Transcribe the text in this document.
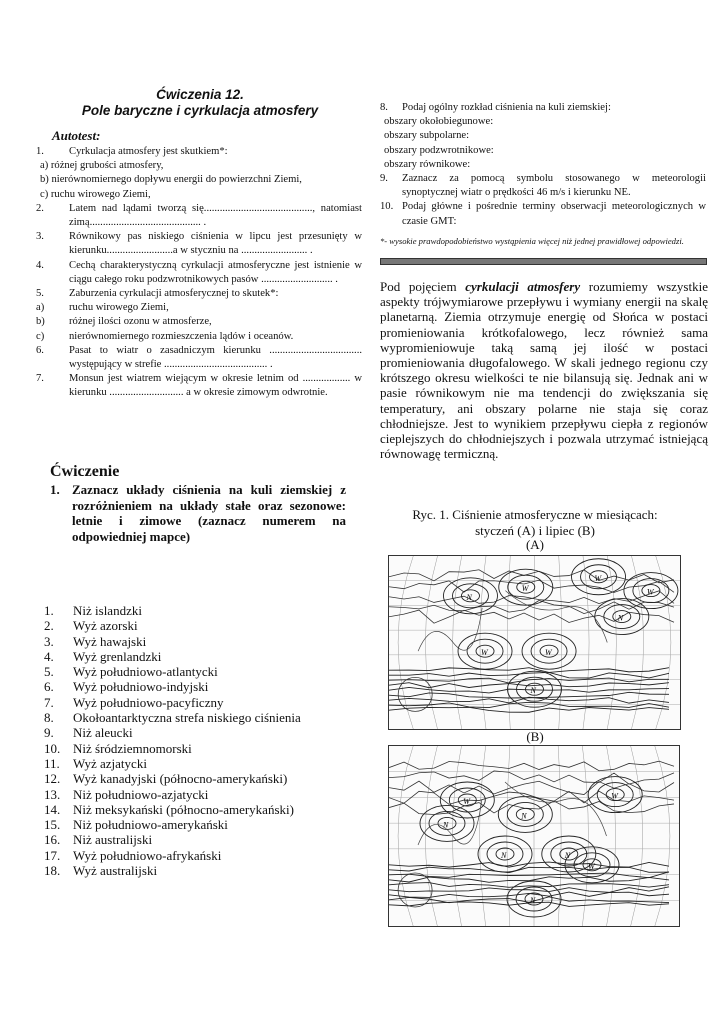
Ćwiczenia 12.
Pole baryczne i cyrkulacja atmosfery
Autotest:
1.	Cyrkulacja atmosfery jest skutkiem*:
a) różnej grubości atmosfery,
b) nierównomiernego dopływu energii do powierzchni Ziemi,
c) ruchu wirowego Ziemi,
2.	Latem nad lądami tworzą się........................................., natomiast zimą.......................................... .
3.	Równikowy pas niskiego ciśnienia w lipcu jest przesunięty w kierunku.........................a w styczniu na ......................... .
4.	Cechą charakterystyczną cyrkulacji atmosferyczne jest istnienie w ciągu całego roku podzwrotnikowych pasów ........................... .
5.	Zaburzenia cyrkulacji atmosferycznej to skutek*:
a)	ruchu wirowego Ziemi,
b)	różnej ilości ozonu w atmosferze,
c)	nierównomiernego rozmieszczenia lądów i oceanów.
6.	Pasat to wiatr o zasadniczym kierunku ................................... występujący w strefie ....................................... .
7.	Monsun jest wiatrem wiejącym w okresie letnim od .................. w kierunku ............................ a w okresie zimowym odwrotnie.
8.	Podaj ogólny rozkład ciśnienia na kuli ziemskiej:
obszary okołobiegunowe:
obszary subpolarne:
obszary podzwrotnikowe:
obszary równikowe:
9.	Zaznacz za pomocą symbolu stosowanego w meteorologii synoptycznej wiatr o prędkości 46 m/s i kierunku NE.
10. Podaj główne i pośrednie terminy obserwacji meteorologicznych w czasie GMT:
*- wysokie prawdopodobieństwo wystąpienia więcej niż jednej prawidłowej odpowiedzi.
Pod pojęciem cyrkulacji atmosfery rozumiemy wszystkie aspekty trójwymiarowe przepływu i wymiany energii na skalę planetarną. Ziemia otrzymuje energię od Słońca w postaci promieniowania krótkofalowego, lecz również sama wypromieniowuje taką samą jej ilość w postaci promieniowania długofalowego. W skali jednego regionu czy krótszego okresu wielkości te nie bilansują się. Jednak ani w pasie równikowym nie ma tendencji do zwiększania się temperatury, ani obszary polarne nie staja się coraz chłodniejsze. Jest to wynikiem przepływu ciepła z regionów cieplejszych do chłodniejszych i pozwala utrzymać istniejącą równowagę termiczną.
Ćwiczenie
1. Zaznacz układy ciśnienia na kuli ziemskiej z rozróżnieniem na układy stałe oraz sezonowe: letnie i zimowe (zaznacz numerem na odpowiedniej mapce)
1.	Niż islandzki
2.	Wyż azorski
3.	Wyż hawajski
4.	Wyż grenlandzki
5.	Wyż południowo-atlantycki
6.	Wyż południowo-indyjski
7.	Wyż południowo-pacyficzny
8.	Okołoantarktyczna strefa niskiego ciśnienia
9.	Niż aleucki
10. Niż śródziemnomorski
11.	Wyż azjatycki
12. Wyż kanadyjski (północno-amerykański)
13. Niż południowo-azjatycki
14. Niż meksykański (północno-amerykański)
15. Niż południowo-amerykański
16. Niż australijski
17. Wyż południowo-afrykański
18. Wyż australijski
Ryc. 1. Ciśnienie atmosferyczne w miesiącach:
styczeń (A) i lipiec (B)
(A)
W
N
W
W
W	W
N
N
(B)
W
W
N
N
N	N
W
N
